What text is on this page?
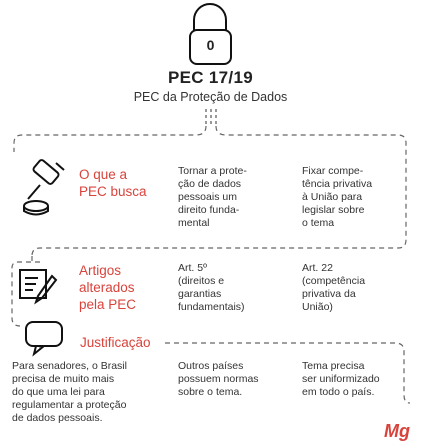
0
PEC 17/19
PEC da Proteção de Dados
O que a
PEC busca
Tornar a prote-
ção de dados
pessoais um
direito funda-
mental
Fixar compe-
tência privativa
à União para
legislar sobre
o tema
Artigos
alterados
pela PEC
Art. 5º
(direitos e
garantias
fundamentais)
Art. 22
(competência
privativa da
União)
Justificação
Para senadores, o Brasil
precisa de muito mais
do que uma lei para
regulamentar a proteção
de dados pessoais.
Outros países
possuem normas
sobre o tema.
Tema precisa
ser uniformizado
em todo o país.
Mg
